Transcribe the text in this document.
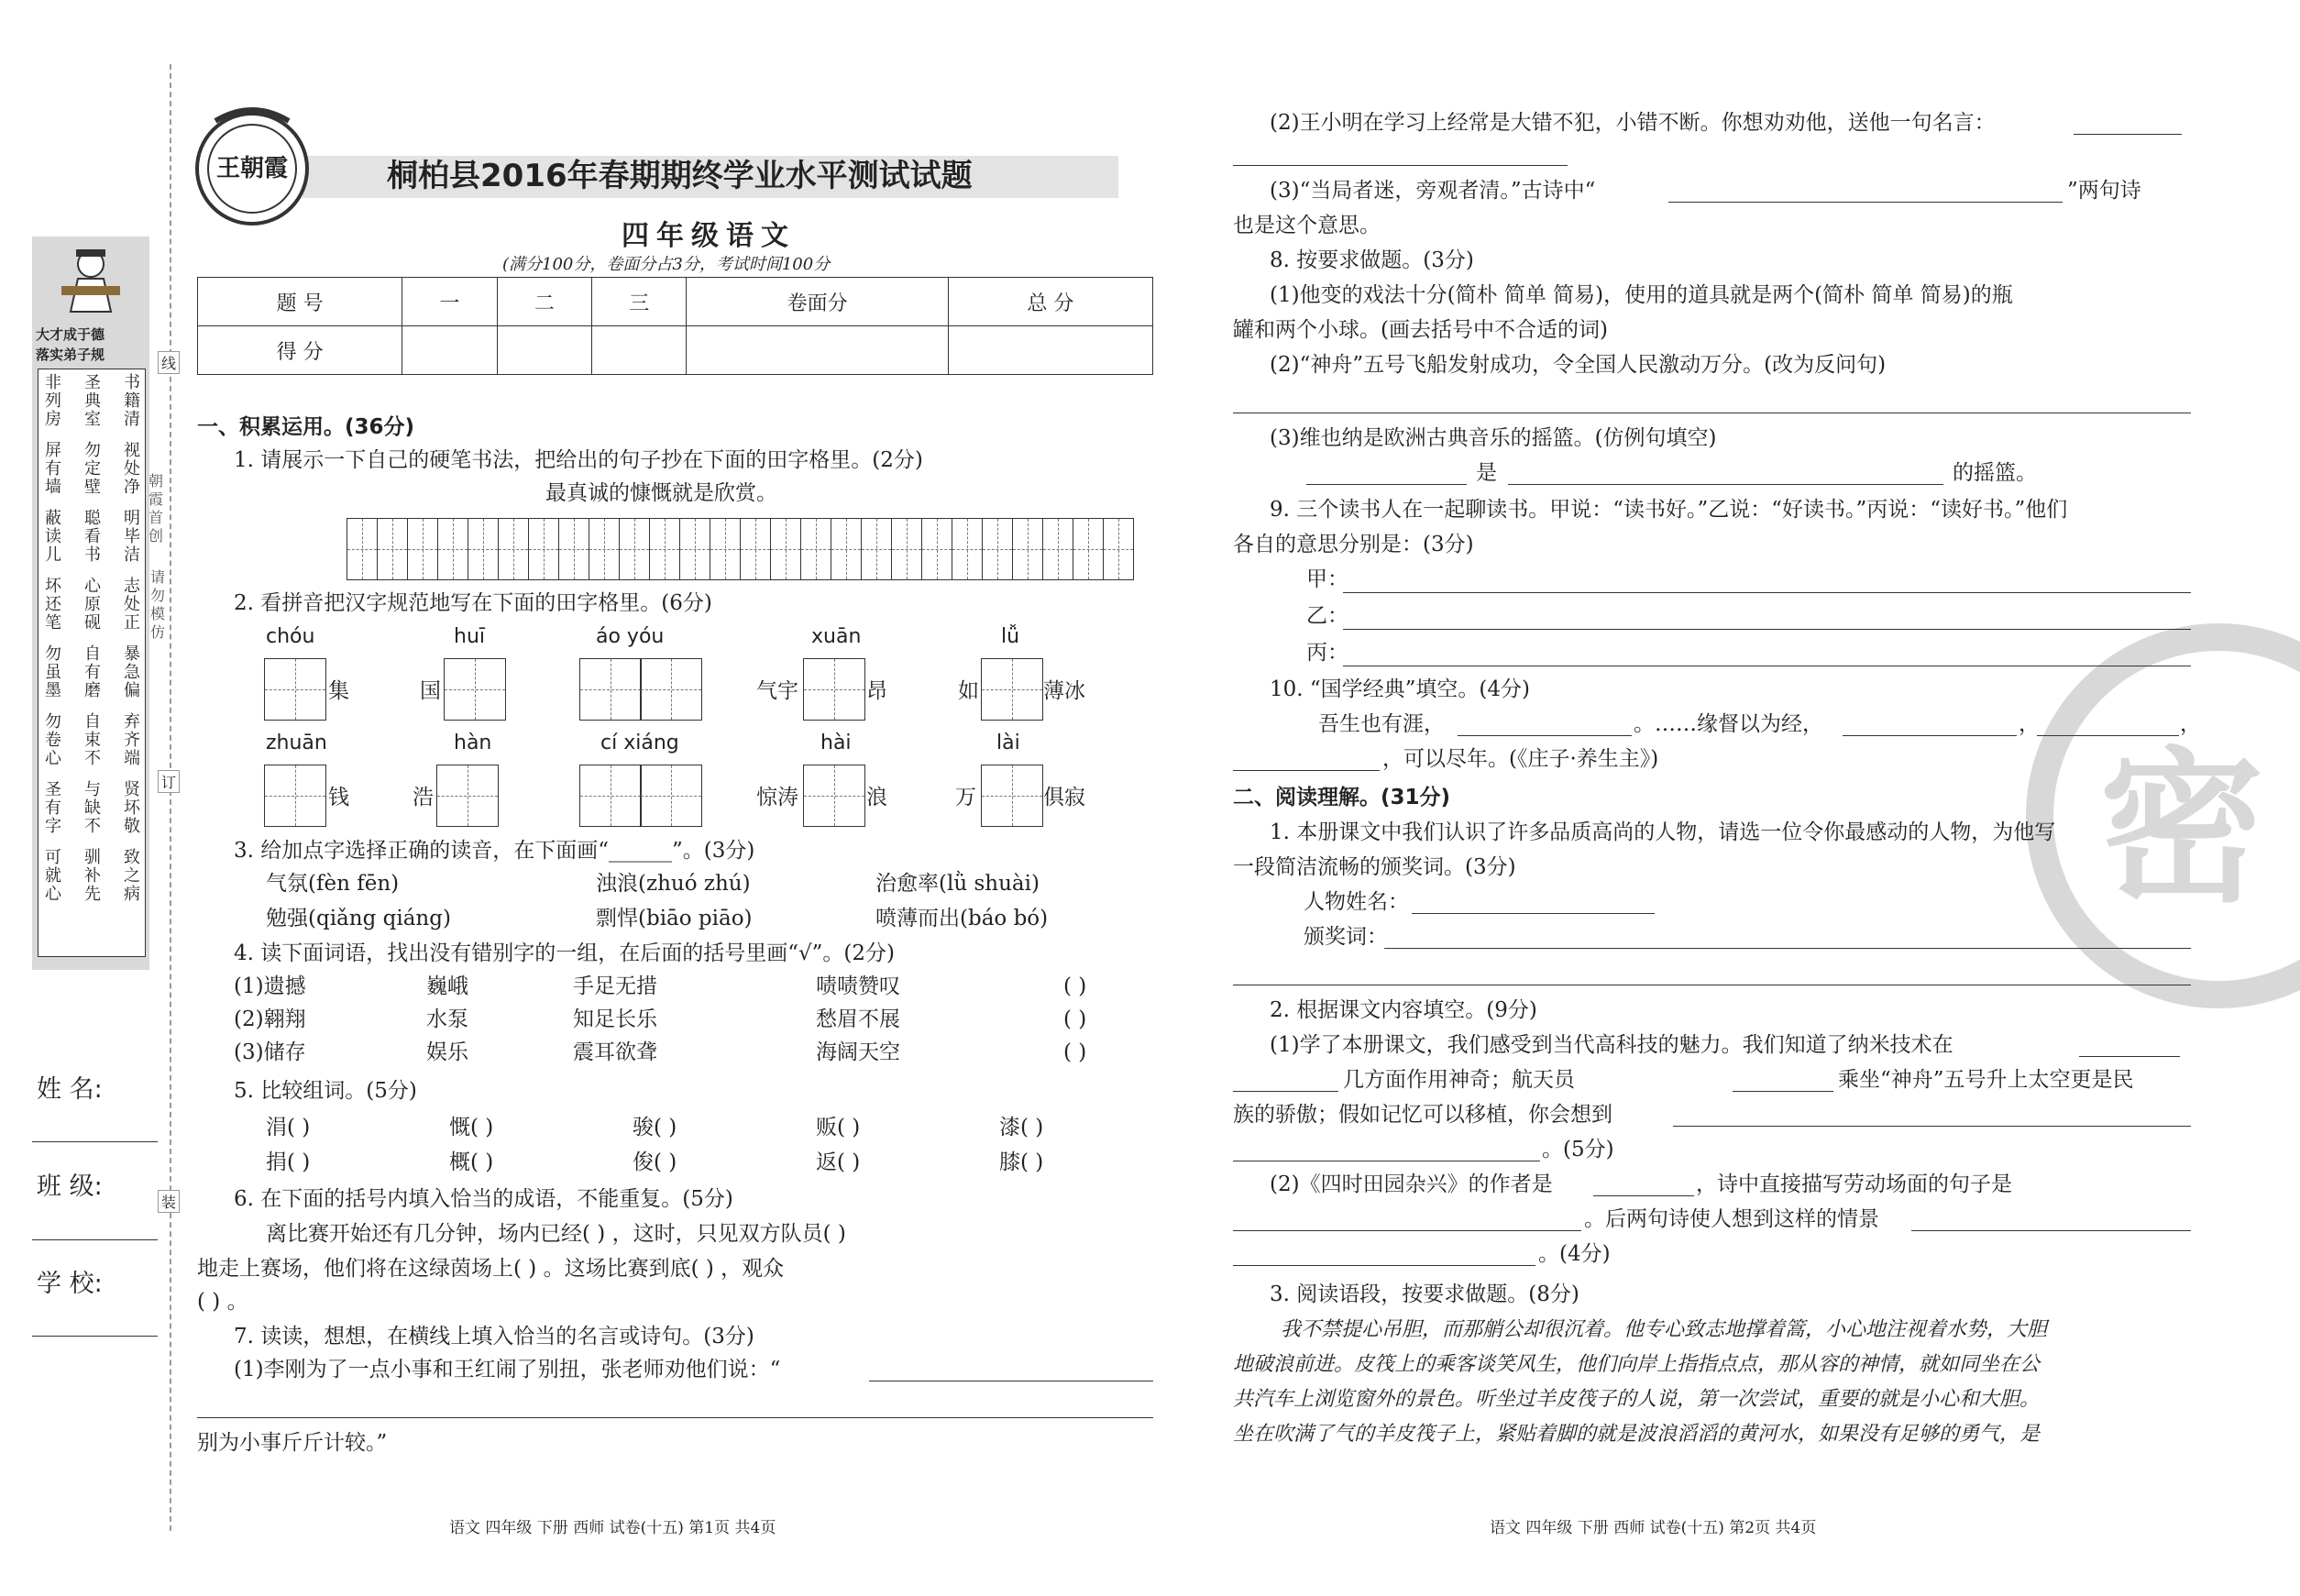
大才成于德
落实弟子规
非列房
圣典室
书籍清
屏有墙
勿定壁
视处净
蔽读儿
聪看书
明毕洁
坏还笔
心原砚
志处正
勿虽墨
自有磨
暴急偏
勿卷心
自束不
弃齐端
圣有字
与缺不
贤坏敬
可就心
驯补先
致之病
线
订
装
朝霞首创
请勿模仿
姓 名:
班 级:
学 校:
王朝霞	桐柏县2016年春期期终学业水平测试试题
四年级语文
(满分100分，卷面分占3分，考试时间100分
题 号	一	二	三	卷面分	总 分
得 分					
一、积累运用。(36分)
1. 请展示一下自己的硬笔书法，把给出的句子抄在下面的田字格里。(2分)
最真诚的慷慨就是欣赏。
2. 看拼音把汉字规范地写在下面的田字格里。(6分)
chóu	huī	áo yóu	xuān	lǚ
集	国	气宇	昂	如	薄冰
zhuān	hàn	cí xiáng	hài	lài
钱	浩	惊涛	浪	万	俱寂
3. 给加点字选择正确的读音，在下面画“______”。(3分)
气氛(fèn fēn)	浊浪(zhuó zhú)	治愈率(lǜ shuài)
勉强(qiǎng qiáng)	剽悍(biāo piāo)	喷薄而出(báo bó)
4. 读下面词语，找出没有错别字的一组，在后面的括号里画“√”。(2分)
(1)遗撼	巍峨	手足无措	啧啧赞叹	( )
(2)翱翔	水泵	知足长乐	愁眉不展	( )
(3)储存	娱乐	震耳欲聋	海阔天空	( )
5. 比较组词。(5分)
涓( )	慨( )	骏( )	贩( )	漆( )
捐( )	概( )	俊( )	返( )	膝( )
6. 在下面的括号内填入恰当的成语，不能重复。(5分)
离比赛开始还有几分钟，场内已经( ) ，这时，只见双方队员( )
地走上赛场，他们将在这绿茵场上( ) 。这场比赛到底( ) ，观众
( ) 。
7. 读读，想想，在横线上填入恰当的名言或诗句。(3分)
(1)李刚为了一点小事和王红闹了别扭，张老师劝他们说：“
别为小事斤斤计较。”
语文 四年级 下册 西师 试卷(十五) 第1页 共4页
密
(2)王小明在学习上经常是大错不犯，小错不断。你想劝劝他，送他一句名言：
(3)“当局者迷，旁观者清。”古诗中“	”两句诗
也是这个意思。
8. 按要求做题。(3分)
(1)他变的戏法十分(简朴 简单 简易)，使用的道具就是两个(简朴 简单 简易)的瓶
罐和两个小球。(画去括号中不合适的词)
(2)“神舟”五号飞船发射成功，令全国人民激动万分。(改为反问句)
(3)维也纳是欧洲古典音乐的摇篮。(仿例句填空)
是	的摇篮。
9. 三个读书人在一起聊读书。甲说：“读书好。”乙说：“好读书。”丙说：“读好书。”他们
各自的意思分别是：(3分)
甲：
乙：
丙：
10. “国学经典”填空。(4分)
吾生也有涯，	。……缘督以为经，	，	，
，可以尽年。(《庄子·养生主》)
二、阅读理解。(31分)
1. 本册课文中我们认识了许多品质高尚的人物，请选一位令你最感动的人物，为他写
一段简洁流畅的颁奖词。(3分)
人物姓名：
颁奖词：
2. 根据课文内容填空。(9分)
(1)学了本册课文，我们感受到当代高科技的魅力。我们知道了纳米技术在
几方面作用神奇；航天员	乘坐“神舟”五号升上太空更是民
族的骄傲；假如记忆可以移植，你会想到
。(5分)
(2)《四时田园杂兴》的作者是	，诗中直接描写劳动场面的句子是
。后两句诗使人想到这样的情景
。(4分)
3. 阅读语段，按要求做题。(8分)
我不禁提心吊胆，而那艄公却很沉着。他专心致志地撑着篙，小心地注视着水势，大胆
地破浪前进。皮筏上的乘客谈笑风生，他们向岸上指指点点，那从容的神情，就如同坐在公
共汽车上浏览窗外的景色。听坐过羊皮筏子的人说，第一次尝试，重要的就是小心和大胆。
坐在吹满了气的羊皮筏子上，紧贴着脚的就是波浪滔滔的黄河水，如果没有足够的勇气，是
语文 四年级 下册 西师 试卷(十五) 第2页 共4页
